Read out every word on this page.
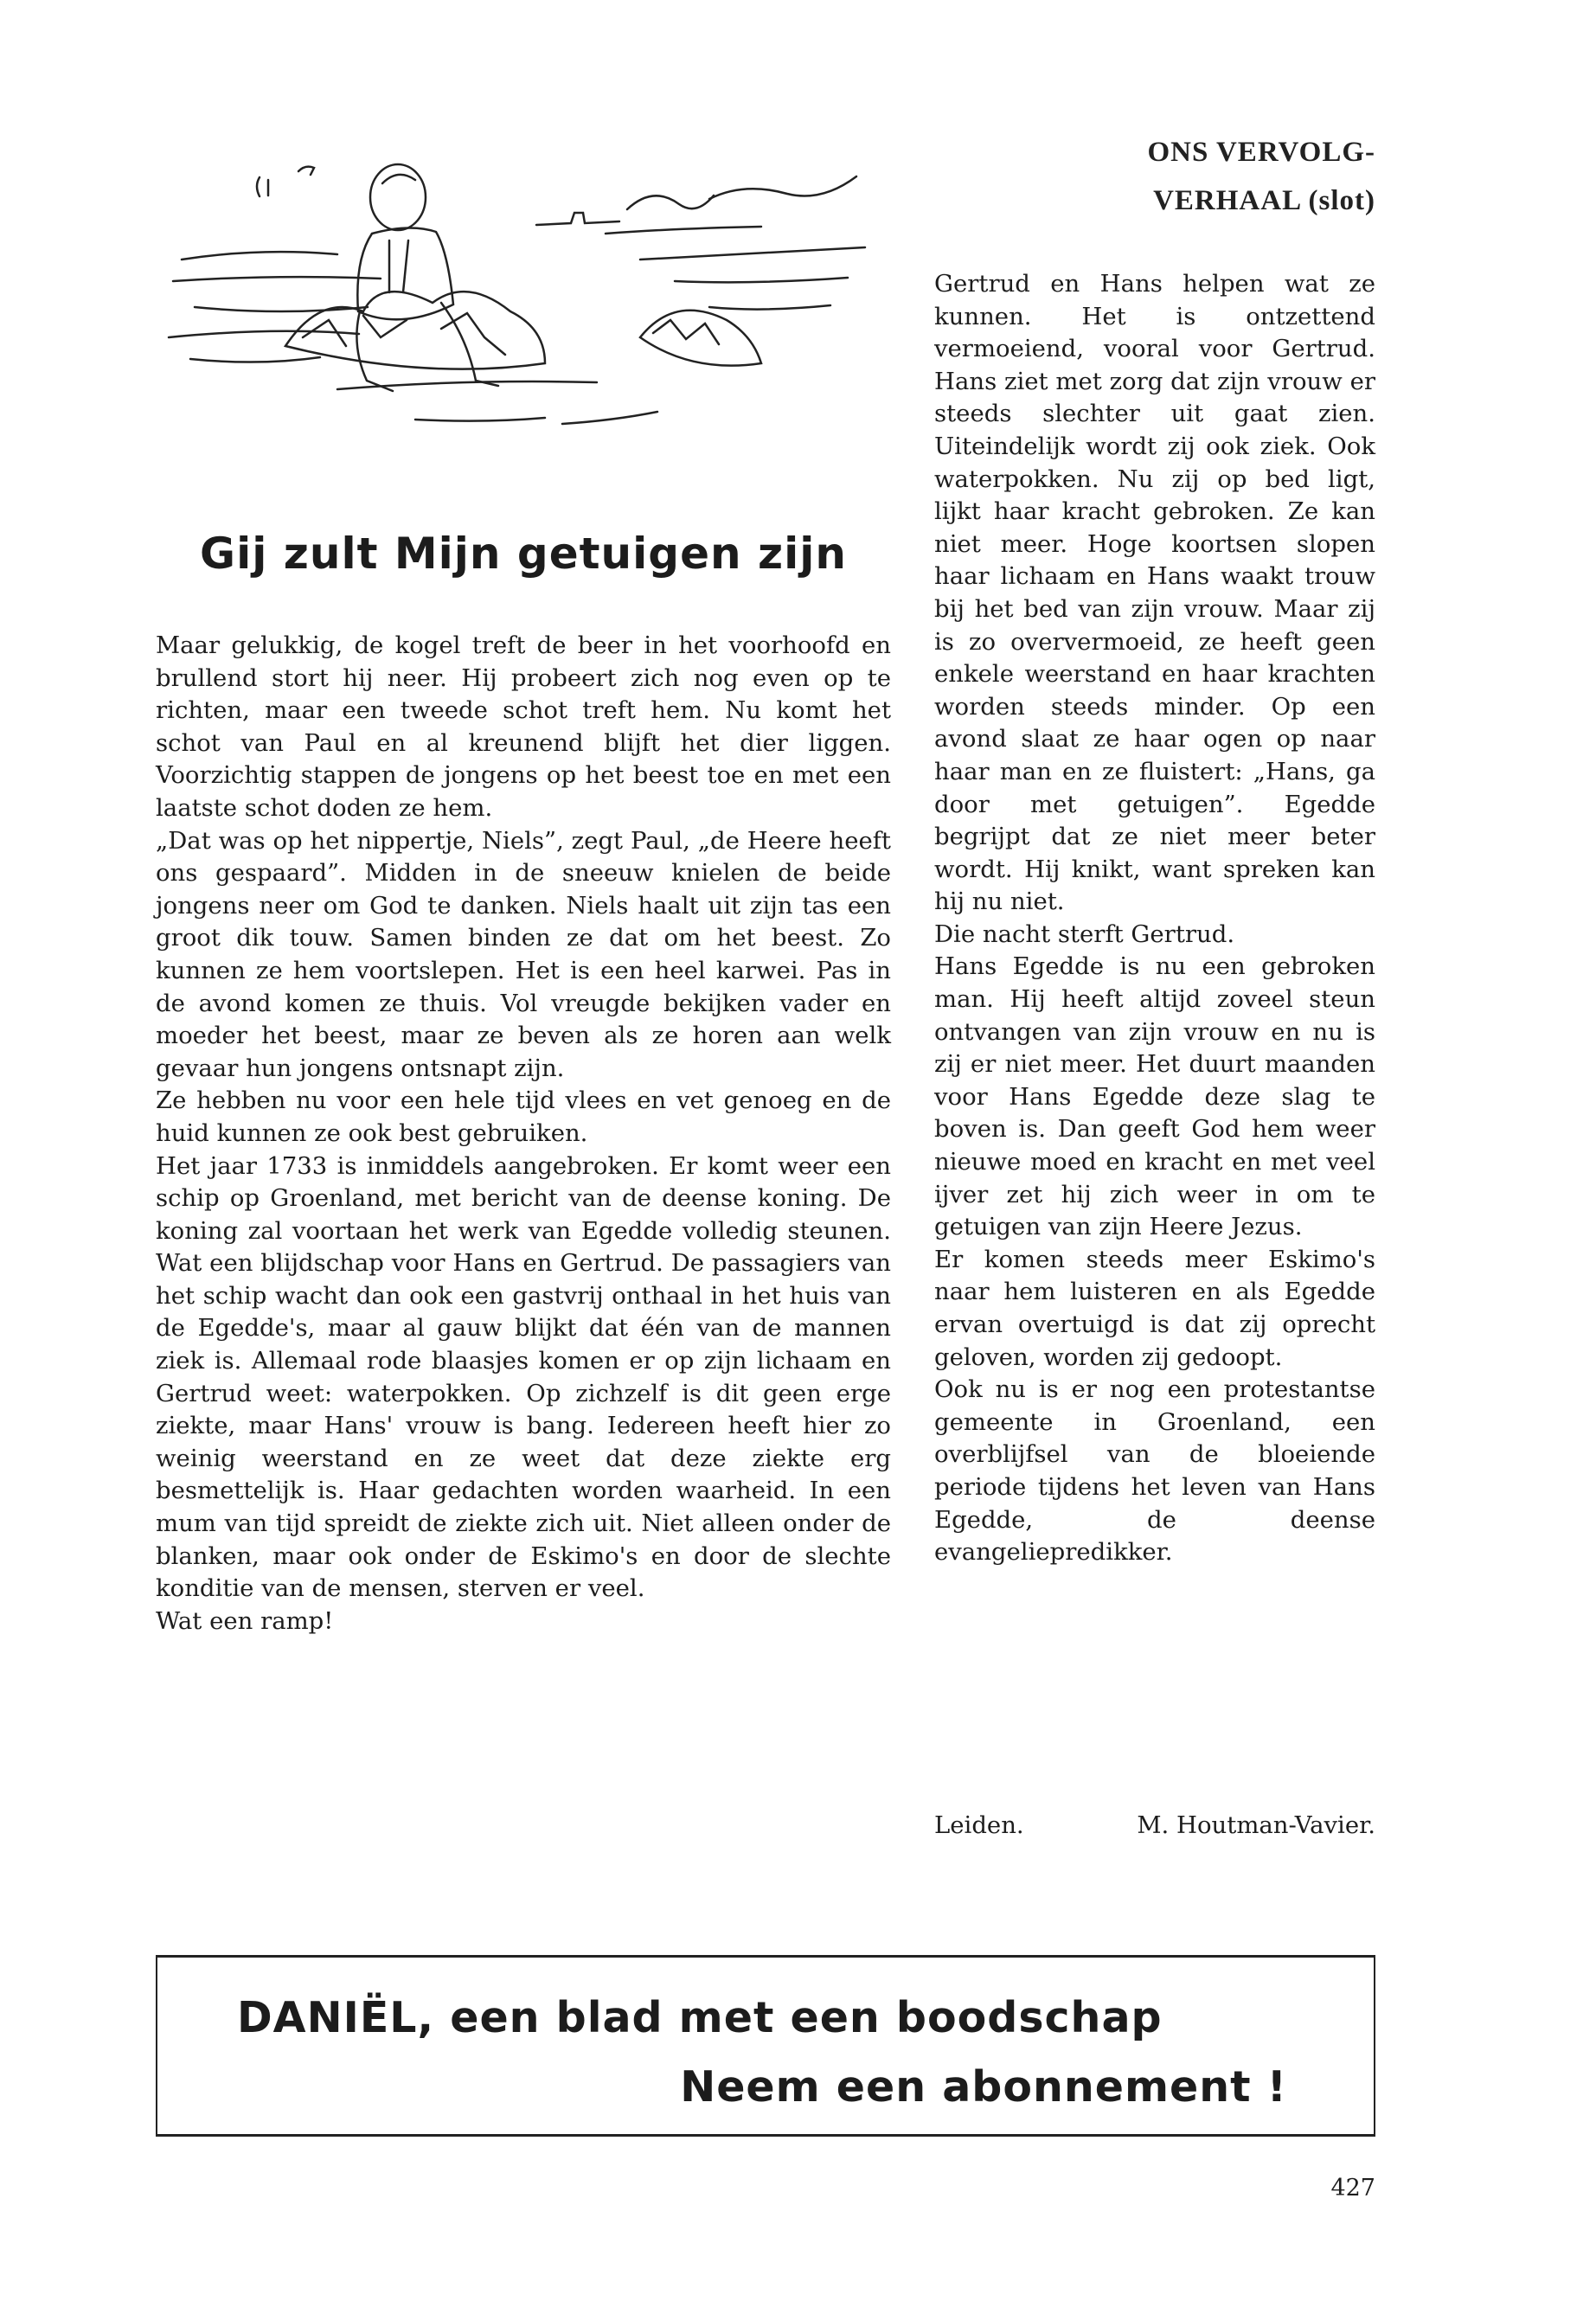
ONS VERVOLG-
VERHAAL (slot)
Gij zult Mijn getuigen zijn

Maar gelukkig, de kogel treft de beer in het voorhoofd en brullend stort hij neer. Hij probeert zich nog even op te richten, maar een tweede schot treft hem. Nu komt het schot van Paul en al kreunend blijft het dier liggen. Voorzichtig stappen de jongens op het beest toe en met een laatste schot doden ze hem.

„Dat was op het nippertje, Niels”, zegt Paul, „de Heere heeft ons gespaard”. Midden in de sneeuw knielen de beide jongens neer om God te danken. Niels haalt uit zijn tas een groot dik touw. Samen binden ze dat om het beest. Zo kunnen ze hem voortslepen. Het is een heel karwei. Pas in de avond komen ze thuis. Vol vreugde bekijken vader en moeder het beest, maar ze beven als ze horen aan welk gevaar hun jongens ontsnapt zijn.

Ze hebben nu voor een hele tijd vlees en vet genoeg en de huid kunnen ze ook best gebruiken.

Het jaar 1733 is inmiddels aangebroken. Er komt weer een schip op Groenland, met bericht van de deense koning. De koning zal voortaan het werk van Egedde volledig steunen. Wat een blijdschap voor Hans en Gertrud. De passagiers van het schip wacht dan ook een gastvrij onthaal in het huis van de Egedde's, maar al gauw blijkt dat één van de mannen ziek is. Allemaal rode blaasjes komen er op zijn lichaam en Gertrud weet: waterpokken. Op zichzelf is dit geen erge ziekte, maar Hans' vrouw is bang. Iedereen heeft hier zo weinig weerstand en ze weet dat deze ziekte erg besmettelijk is. Haar gedachten worden waarheid. In een mum van tijd spreidt de ziekte zich uit. Niet alleen onder de blanken, maar ook onder de Eskimo's en door de slechte konditie van de mensen, sterven er veel.

Wat een ramp!

Gertrud en Hans helpen wat ze kunnen. Het is ontzettend vermoeiend, vooral voor Gertrud. Hans ziet met zorg dat zijn vrouw er steeds slechter uit gaat zien. Uiteindelijk wordt zij ook ziek. Ook waterpokken. Nu zij op bed ligt, lijkt haar kracht gebroken. Ze kan niet meer. Hoge koortsen slopen haar lichaam en Hans waakt trouw bij het bed van zijn vrouw. Maar zij is zo oververmoeid, ze heeft geen enkele weerstand en haar krachten worden steeds minder. Op een avond slaat ze haar ogen op naar haar man en ze fluistert: „Hans, ga door met getuigen”. Egedde begrijpt dat ze niet meer beter wordt. Hij knikt, want spreken kan hij nu niet.

Die nacht sterft Gertrud.

Hans Egedde is nu een gebroken man. Hij heeft altijd zoveel steun ontvangen van zijn vrouw en nu is zij er niet meer. Het duurt maanden voor Hans Egedde deze slag te boven is. Dan geeft God hem weer nieuwe moed en kracht en met veel ijver zet hij zich weer in om te getuigen van zijn Heere Jezus.

Er komen steeds meer Eskimo's naar hem luisteren en als Egedde ervan overtuigd is dat zij oprecht geloven, worden zij gedoopt.

Ook nu is er nog een protestantse gemeente in Groenland, een overblijfsel van de bloeiende periode tijdens het leven van Hans Egedde, de deense evangeliepredikker.

Leiden.	M. Houtman-Vavier.
DANIËL, een blad met een boodschap
Neem een abonnement !
427
